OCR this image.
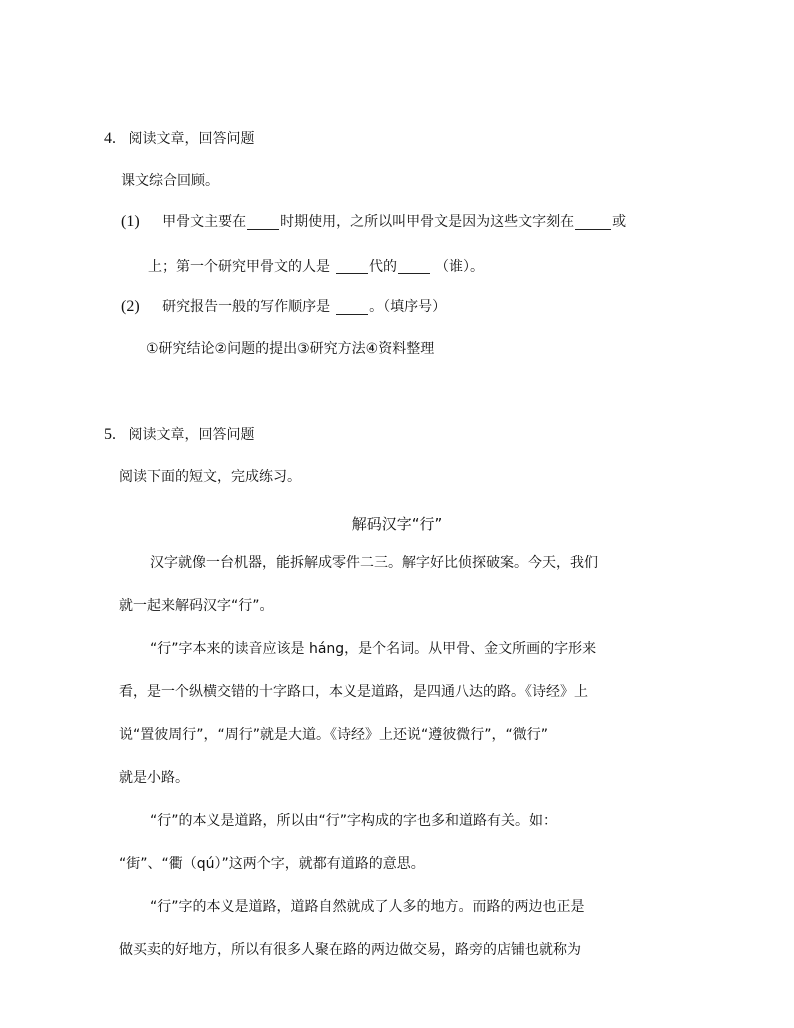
4. 阅读文章，回答问题
课文综合回顾。
(1) 甲骨文主要在 时期使用，之所以叫甲骨文是因为这些文字刻在	或
上；第一个研究甲骨文的人是	代的	（谁）。
(2) 研究报告一般的写作顺序是	。（填序号）
①研究结论②问题的提出③研究方法④资料整理
5. 阅读文章，回答问题
阅读下面的短文，完成练习。
解码汉字“行”
汉字就像一台机器，能拆解成零件二三。解字好比侦探破案。今天，我们
就一起来解码汉字“行”。
“行”字本来的读音应该是 háng，是个名词。从甲骨、金文所画的字形来
看，是一个纵横交错的十字路口，本义是道路，是四通八达的路。《诗经》上
说“置彼周行”，“周行”就是大道。《诗经》上还说“遵彼微行”，“微行”
就是小路。
“行”的本义是道路，所以由“行”字构成的字也多和道路有关。如：
“街”、“衢（qú）”这两个字，就都有道路的意思。
“行”字的本义是道路，道路自然就成了人多的地方。而路的两边也正是
做买卖的好地方，所以有很多人聚在路的两边做交易，路旁的店铺也就称为
